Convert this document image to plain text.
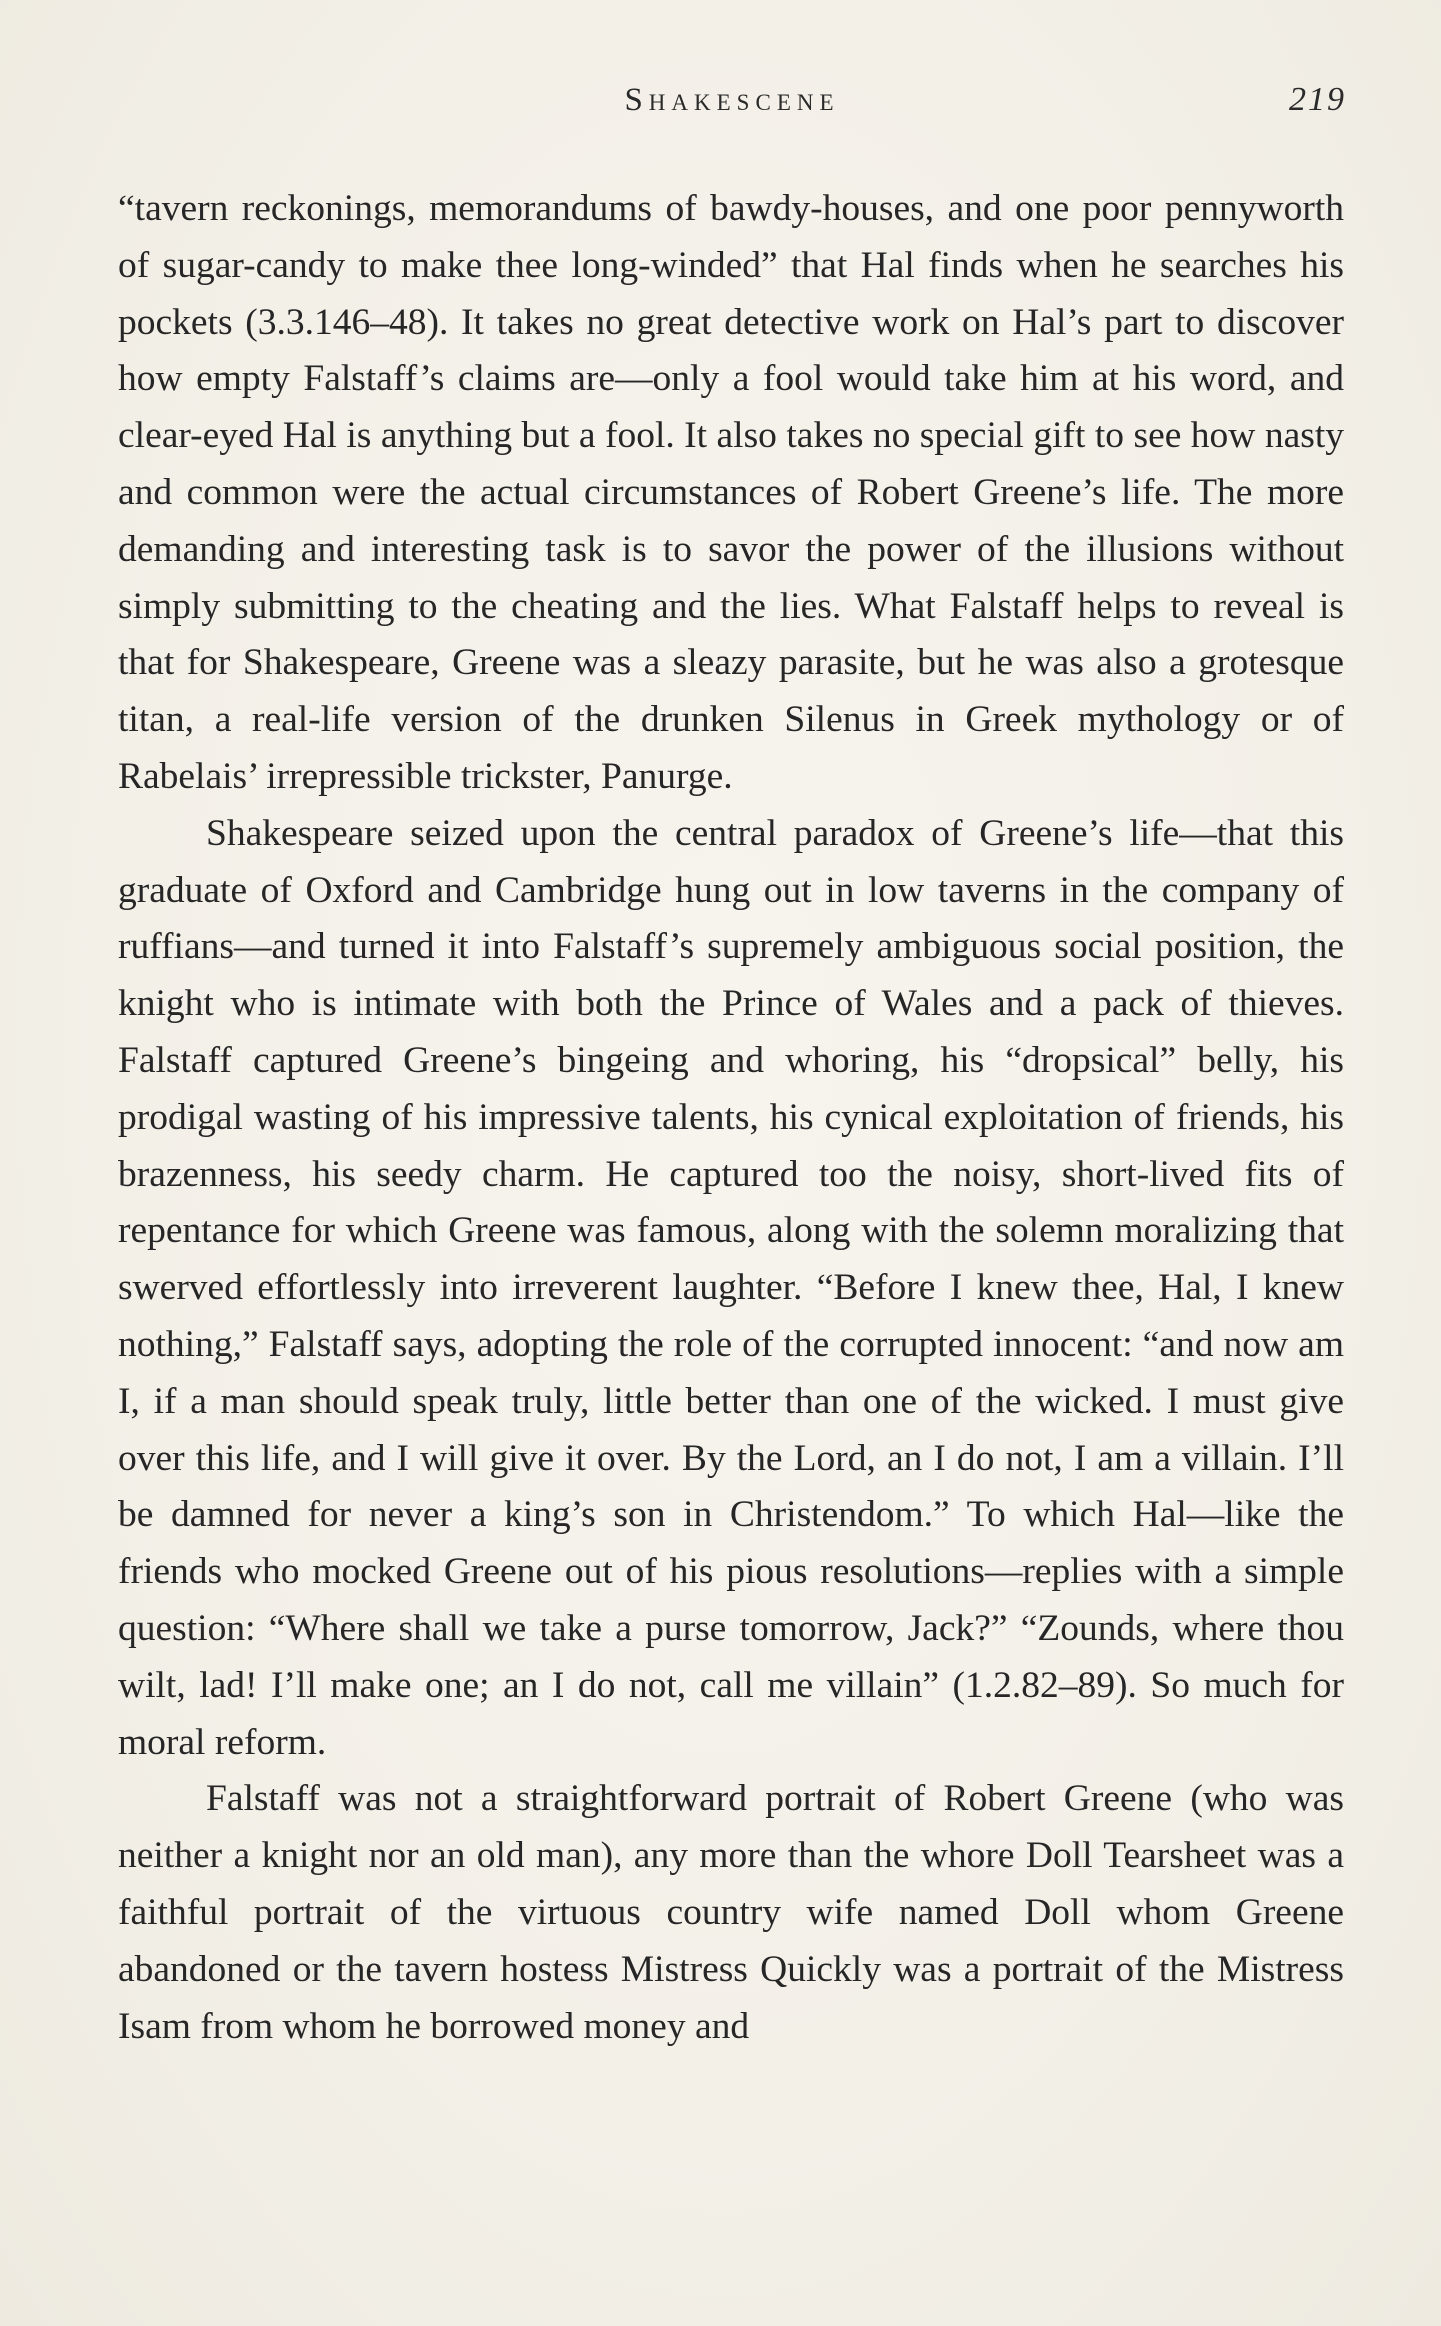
Shakescene	219

“tavern reckonings, memorandums of bawdy-houses, and one poor pennyworth of sugar-candy to make thee long-winded” that Hal finds when he searches his pockets (3.3.146–48). It takes no great detective work on Hal’s part to discover how empty Falstaff’s claims are—only a fool would take him at his word, and clear-eyed Hal is anything but a fool. It also takes no special gift to see how nasty and common were the actual circumstances of Robert Greene’s life. The more demanding and interesting task is to savor the power of the illusions without simply submitting to the cheating and the lies. What Falstaff helps to reveal is that for Shakespeare, Greene was a sleazy parasite, but he was also a grotesque titan, a real-life version of the drunken Silenus in Greek mythology or of Rabelais’ irrepressible trickster, Panurge.

Shakespeare seized upon the central paradox of Greene’s life—that this graduate of Oxford and Cambridge hung out in low taverns in the company of ruffians—and turned it into Falstaff’s supremely ambiguous social position, the knight who is intimate with both the Prince of Wales and a pack of thieves. Falstaff captured Greene’s bingeing and whoring, his “dropsical” belly, his prodigal wasting of his impressive talents, his cynical exploitation of friends, his brazenness, his seedy charm. He captured too the noisy, short-lived fits of repentance for which Greene was famous, along with the solemn moralizing that swerved effortlessly into irreverent laughter. “Before I knew thee, Hal, I knew nothing,” Falstaff says, adopting the role of the corrupted innocent: “and now am I, if a man should speak truly, little better than one of the wicked. I must give over this life, and I will give it over. By the Lord, an I do not, I am a villain. I’ll be damned for never a king’s son in Christendom.” To which Hal—like the friends who mocked Greene out of his pious resolutions—replies with a simple question: “Where shall we take a purse tomorrow, Jack?” “Zounds, where thou wilt, lad! I’ll make one; an I do not, call me villain” (1.2.82–89). So much for moral reform.

Falstaff was not a straightforward portrait of Robert Greene (who was neither a knight nor an old man), any more than the whore Doll Tearsheet was a faithful portrait of the virtuous country wife named Doll whom Greene abandoned or the tavern hostess Mistress Quickly was a portrait of the Mistress Isam from whom he borrowed money and
